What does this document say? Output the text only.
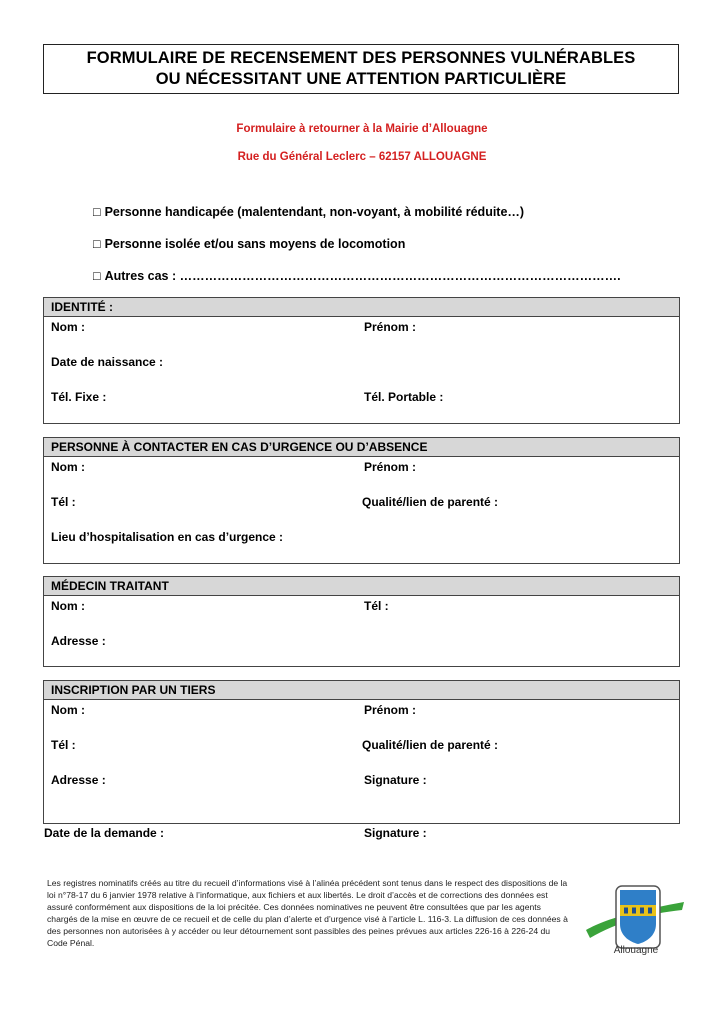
FORMULAIRE DE RECENSEMENT DES PERSONNES VULNÉRABLES
OU NÉCESSITANT UNE ATTENTION PARTICULIÈRE
Formulaire à retourner à la Mairie d’Allouagne
Rue du Général Leclerc – 62157 ALLOUAGNE
□ Personne handicapée (malentendant, non-voyant, à mobilité réduite…)
□ Personne isolée et/ou sans moyens de locomotion
□ Autres cas : …………………………………………………………………………………………….
IDENTITÉ :
Nom :	Prénom :
Date de naissance :
Tél. Fixe :	Tél. Portable :
PERSONNE À CONTACTER EN CAS D’URGENCE OU D’ABSENCE
Nom :	Prénom :
Tél :	Qualité/lien de parenté :
Lieu d’hospitalisation en cas d’urgence :
MÉDECIN TRAITANT
Nom :	Tél :
Adresse :
INSCRIPTION PAR UN TIERS
Nom :	Prénom :
Tél :	Qualité/lien de parenté :
Adresse :	Signature :
Date de la demande :	Signature :
Les registres nominatifs créés au titre du recueil d’informations visé à l’alinéa précédent sont tenus dans le respect des dispositions de la loi n°78-17 du 6 janvier 1978 relative à l’informatique, aux fichiers et aux libertés. Le droit d’accès et de corrections des données est assuré conformément aux dispositions de la loi précitée. Ces données nominatives ne peuvent être consultées que par les agents chargés de la mise en œuvre de ce recueil et de celle du plan d’alerte et d’urgence visé à l’article L. 116-3. La diffusion de ces données à des personnes non autorisées à y accéder ou leur détournement sont passibles des peines prévues aux articles 226-16 à 226-24 du Code Pénal.
Allouagne
